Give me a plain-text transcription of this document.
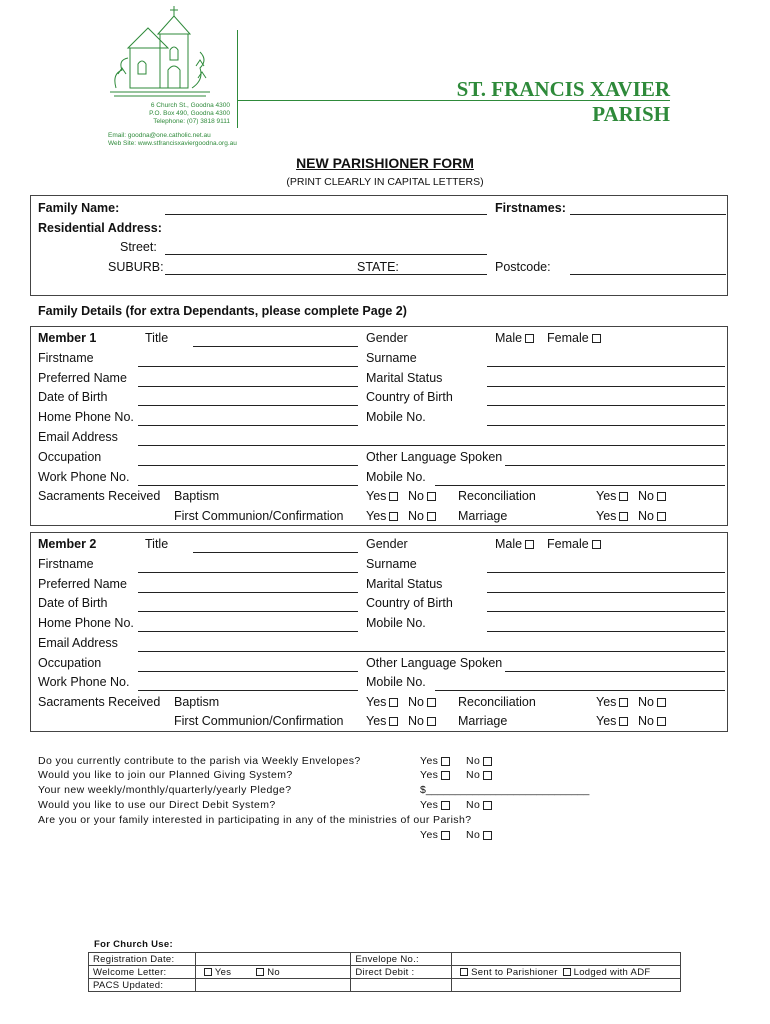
6 Church St., Goodna 4300
P.O. Box 490, Goodna 4300
Telephone: (07) 3818 9111
Email: goodna@one.catholic.net.au
Web Site: www.stfrancisxaviergoodna.org.au
ST. FRANCIS XAVIER
PARISH
NEW PARISHIONER FORM
(PRINT CLEARLY IN CAPITAL LETTERS)
Family Name:	Firstnames:
Residential Address:
Street:
SUBURB:	STATE:	Postcode:
Family Details (for extra Dependants, please complete Page 2)
Member 1	Title	Gender	Male	Female
Firstname	Surname
Preferred Name	Marital Status
Date of Birth	Country of Birth
Home Phone No.	Mobile No.
Email Address
Occupation	Other Language Spoken
Work Phone No.	Mobile No.
Sacraments Received Baptism	Yes	No	Reconciliation	Yes	No
First Communion/Confirmation Yes	No	Marriage	Yes	No
Member 2	Title	Gender	Male	Female
Firstname	Surname
Preferred Name	Marital Status
Date of Birth	Country of Birth
Home Phone No.	Mobile No.
Email Address
Occupation	Other Language Spoken
Work Phone No.	Mobile No.
Sacraments Received Baptism	Yes	No	Reconciliation	Yes	No
First Communion/Confirmation Yes	No	Marriage	Yes	No
Do you currently contribute to the parish via Weekly Envelopes?	Yes	No
Would you like to join our Planned Giving System?	Yes	No
Your new weekly/monthly/quarterly/yearly Pledge?	$____________________________
Would you like to use our Direct Debit System?	Yes	No
Are you or your family interested in participating in any of the ministries of our Parish?
Yes	No
For Church Use:
Registration Date:		Envelope No.:	
Welcome Letter:	Yes No	Direct Debit :	Sent to Parishioner Lodged with ADF
PACS Updated:			
